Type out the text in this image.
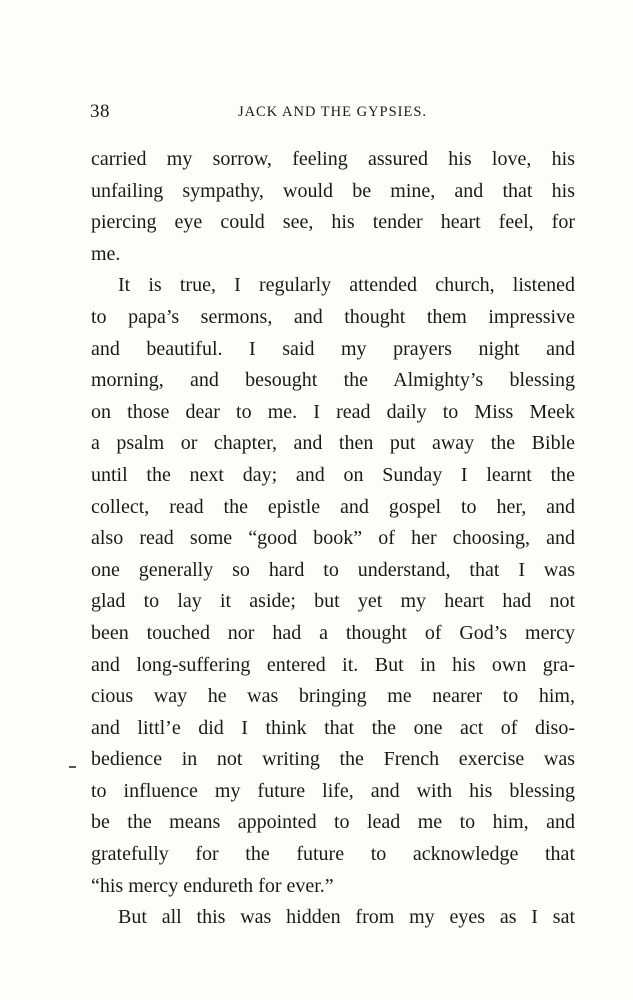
38	JACK AND THE GYPSIES.
carried my sorrow, feeling assured his love, his
unfailing sympathy, would be mine, and that his
piercing eye could see, his tender heart feel, for
me.
It is true, I regularly attended church, listened
to papa’s sermons, and thought them impressive
and beautiful. I said my prayers night and
morning, and besought the Almighty’s blessing
on those dear to me. I read daily to Miss Meek
a psalm or chapter, and then put away the Bible
until the next day; and on Sunday I learnt the
collect, read the epistle and gospel to her, and
also read some “good book” of her choosing, and
one generally so hard to understand, that I was
glad to lay it aside; but yet my heart had not
been touched nor had a thought of God’s mercy
and long-suffering entered it. But in his own gra-
cious way he was bringing me nearer to him,
and littl’e did I think that the one act of diso-
bedience in not writing the French exercise was
to influence my future life, and with his blessing
be the means appointed to lead me to him, and
gratefully for the future to acknowledge that
“his mercy endureth for ever.”
But all this was hidden from my eyes as I sat
